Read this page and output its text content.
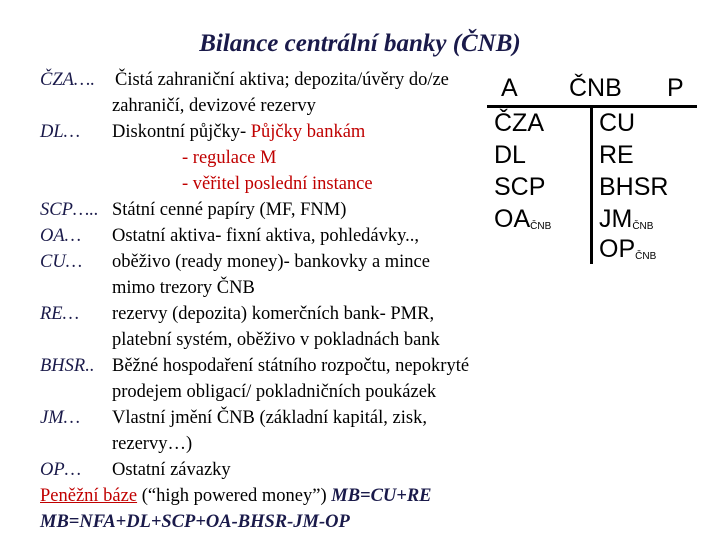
Bilance centrální banky (ČNB)
ČZA…. Čistá zahraniční aktiva; depozita/úvěry do/ze
zahraničí, devizové rezervy
DL… Diskontní půjčky- Půjčky bankám
- regulace M
- věřitel poslední instance
SCP….. Státní cenné papíry (MF, FNM)
OA… Ostatní aktiva- fixní aktiva, pohledávky..,
CU… oběživo (ready money)- bankovky a mince
mimo trezory ČNB
RE… rezervy (depozita) komerčních bank- PMR,
platební systém, oběživo v pokladnách bank
BHSR.. Běžné hospodaření státního rozpočtu, nepokryté
prodejem obligací/ pokladničních poukázek
JM… Vlastní jmění ČNB (základní kapitál, zisk,
rezervy…)
OP… Ostatní závazky
Peněžní báze (“high powered money”) MB=CU+RE
MB=NFA+DL+SCP+OA-BHSR-JM-OP
A ČNB P
ČZA
DL
SCP
$OA_{ČNB}$
CU
RE
BHSR
$JM_{ČNB}$
$OP_{ČNB}$
